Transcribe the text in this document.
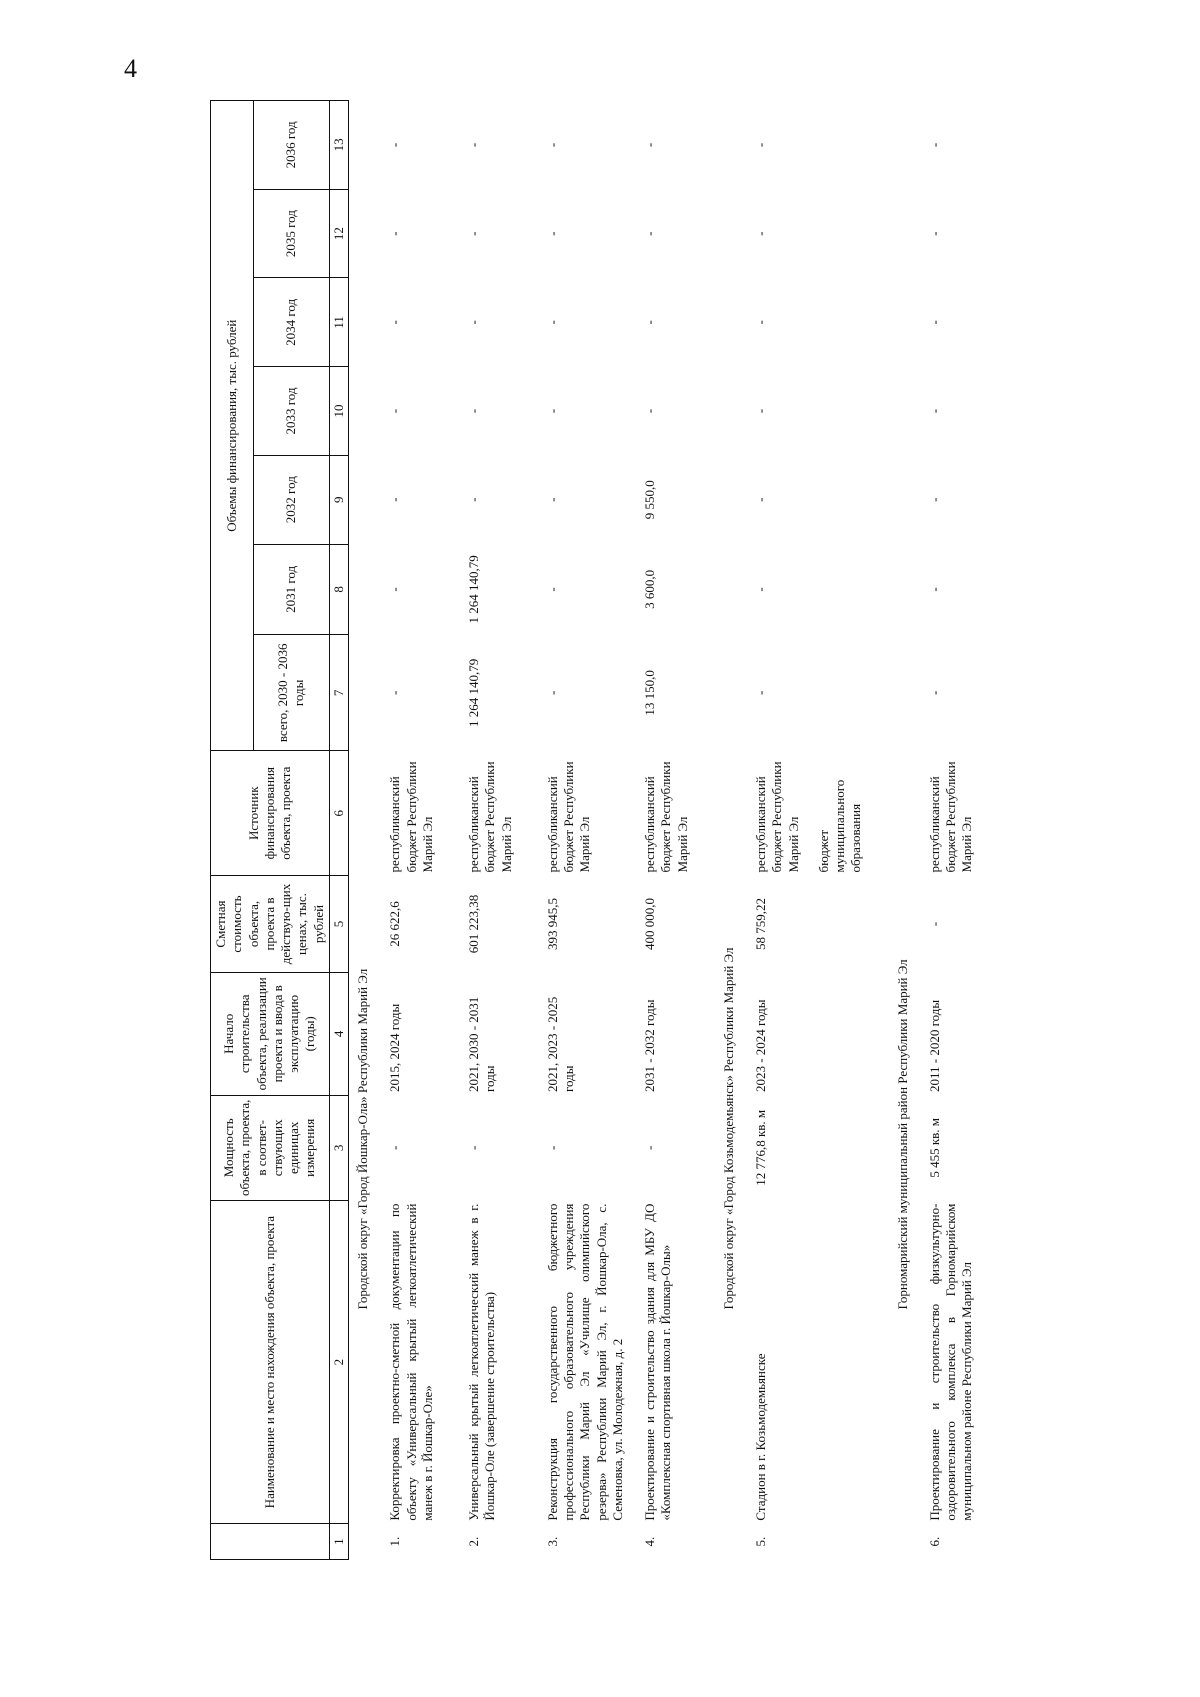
4
	Наименование и место нахождения объекта, проекта	Мощность объекта, проекта, в соответ-ствующих единицах измерения	Начало строительства объекта, реализации проекта и ввода в эксплуатацию (годы)	Сметная стоимость объекта, проекта в действую-щих ценах, тыс. рублей	Источник финансирования объекта, проекта	Объемы финансирования, тыс. рублей						
						всего, 2030 - 2036 годы	2031 год	2032 год	2033 год	2034 год	2035 год	2036 год
1	2	3	4	5	6	7	8	9	10	11	12	13
Городской округ «Город Йошкар-Ола» Республики Марий Эл												
1.	Корректировка проектно-сметной документации по объекту «Универсальный крытый легкоатлетический манеж в г. Йошкар-Оле»	-	2015, 2024 годы	26 622,6	республиканский бюджет Республики Марий Эл	-	-	-	-	-	-	-
2.	Универсальный крытый легкоатлетический манеж в г. Йошкар-Оле (завершение строительства)	-	2021, 2030 - 2031 годы	601 223,38	республиканский бюджет Республики Марий Эл	1 264 140,79	1 264 140,79	-	-	-	-	-
3.	Реконструкция государственного бюджетного профессионального образовательного учреждения Республики Марий Эл «Училище олимпийского резерва» Республики Марий Эл, г. Йошкар-Ола, с. Семеновка, ул. Молодежная, д. 2	-	2021, 2023 - 2025 годы	393 945,5	республиканский бюджет Республики Марий Эл	-	-	-	-	-	-	-
4.	Проектирование и строительство здания для МБУ ДО «Комплексная спортивная школа г. Йошкар-Олы»	-	2031 - 2032 годы	400 000,0	республиканский бюджет Республики Марий Эл	13 150,0	3 600,0	9 550,0	-	-	-	-
Городской округ «Город Козьмодемьянск» Республики Марий Эл												
5.	Стадион в г. Козьмодемьянске	12 776,8 кв. м	2023 - 2024 годы	58 759,22	республиканский бюджет Республики Марий Эл бюджет муниципального образования	-	-	-	-	-	-	-
Горномарийский муниципальный район Республики Марий Эл												
6.	Проектирование и строительство физкультурно-оздоровительного комплекса в Горномарийском муниципальном районе Республики Марий Эл	5 455 кв. м	2011 - 2020 годы	-	республиканский бюджет Республики Марий Эл	-	-	-	-	-	-	-
